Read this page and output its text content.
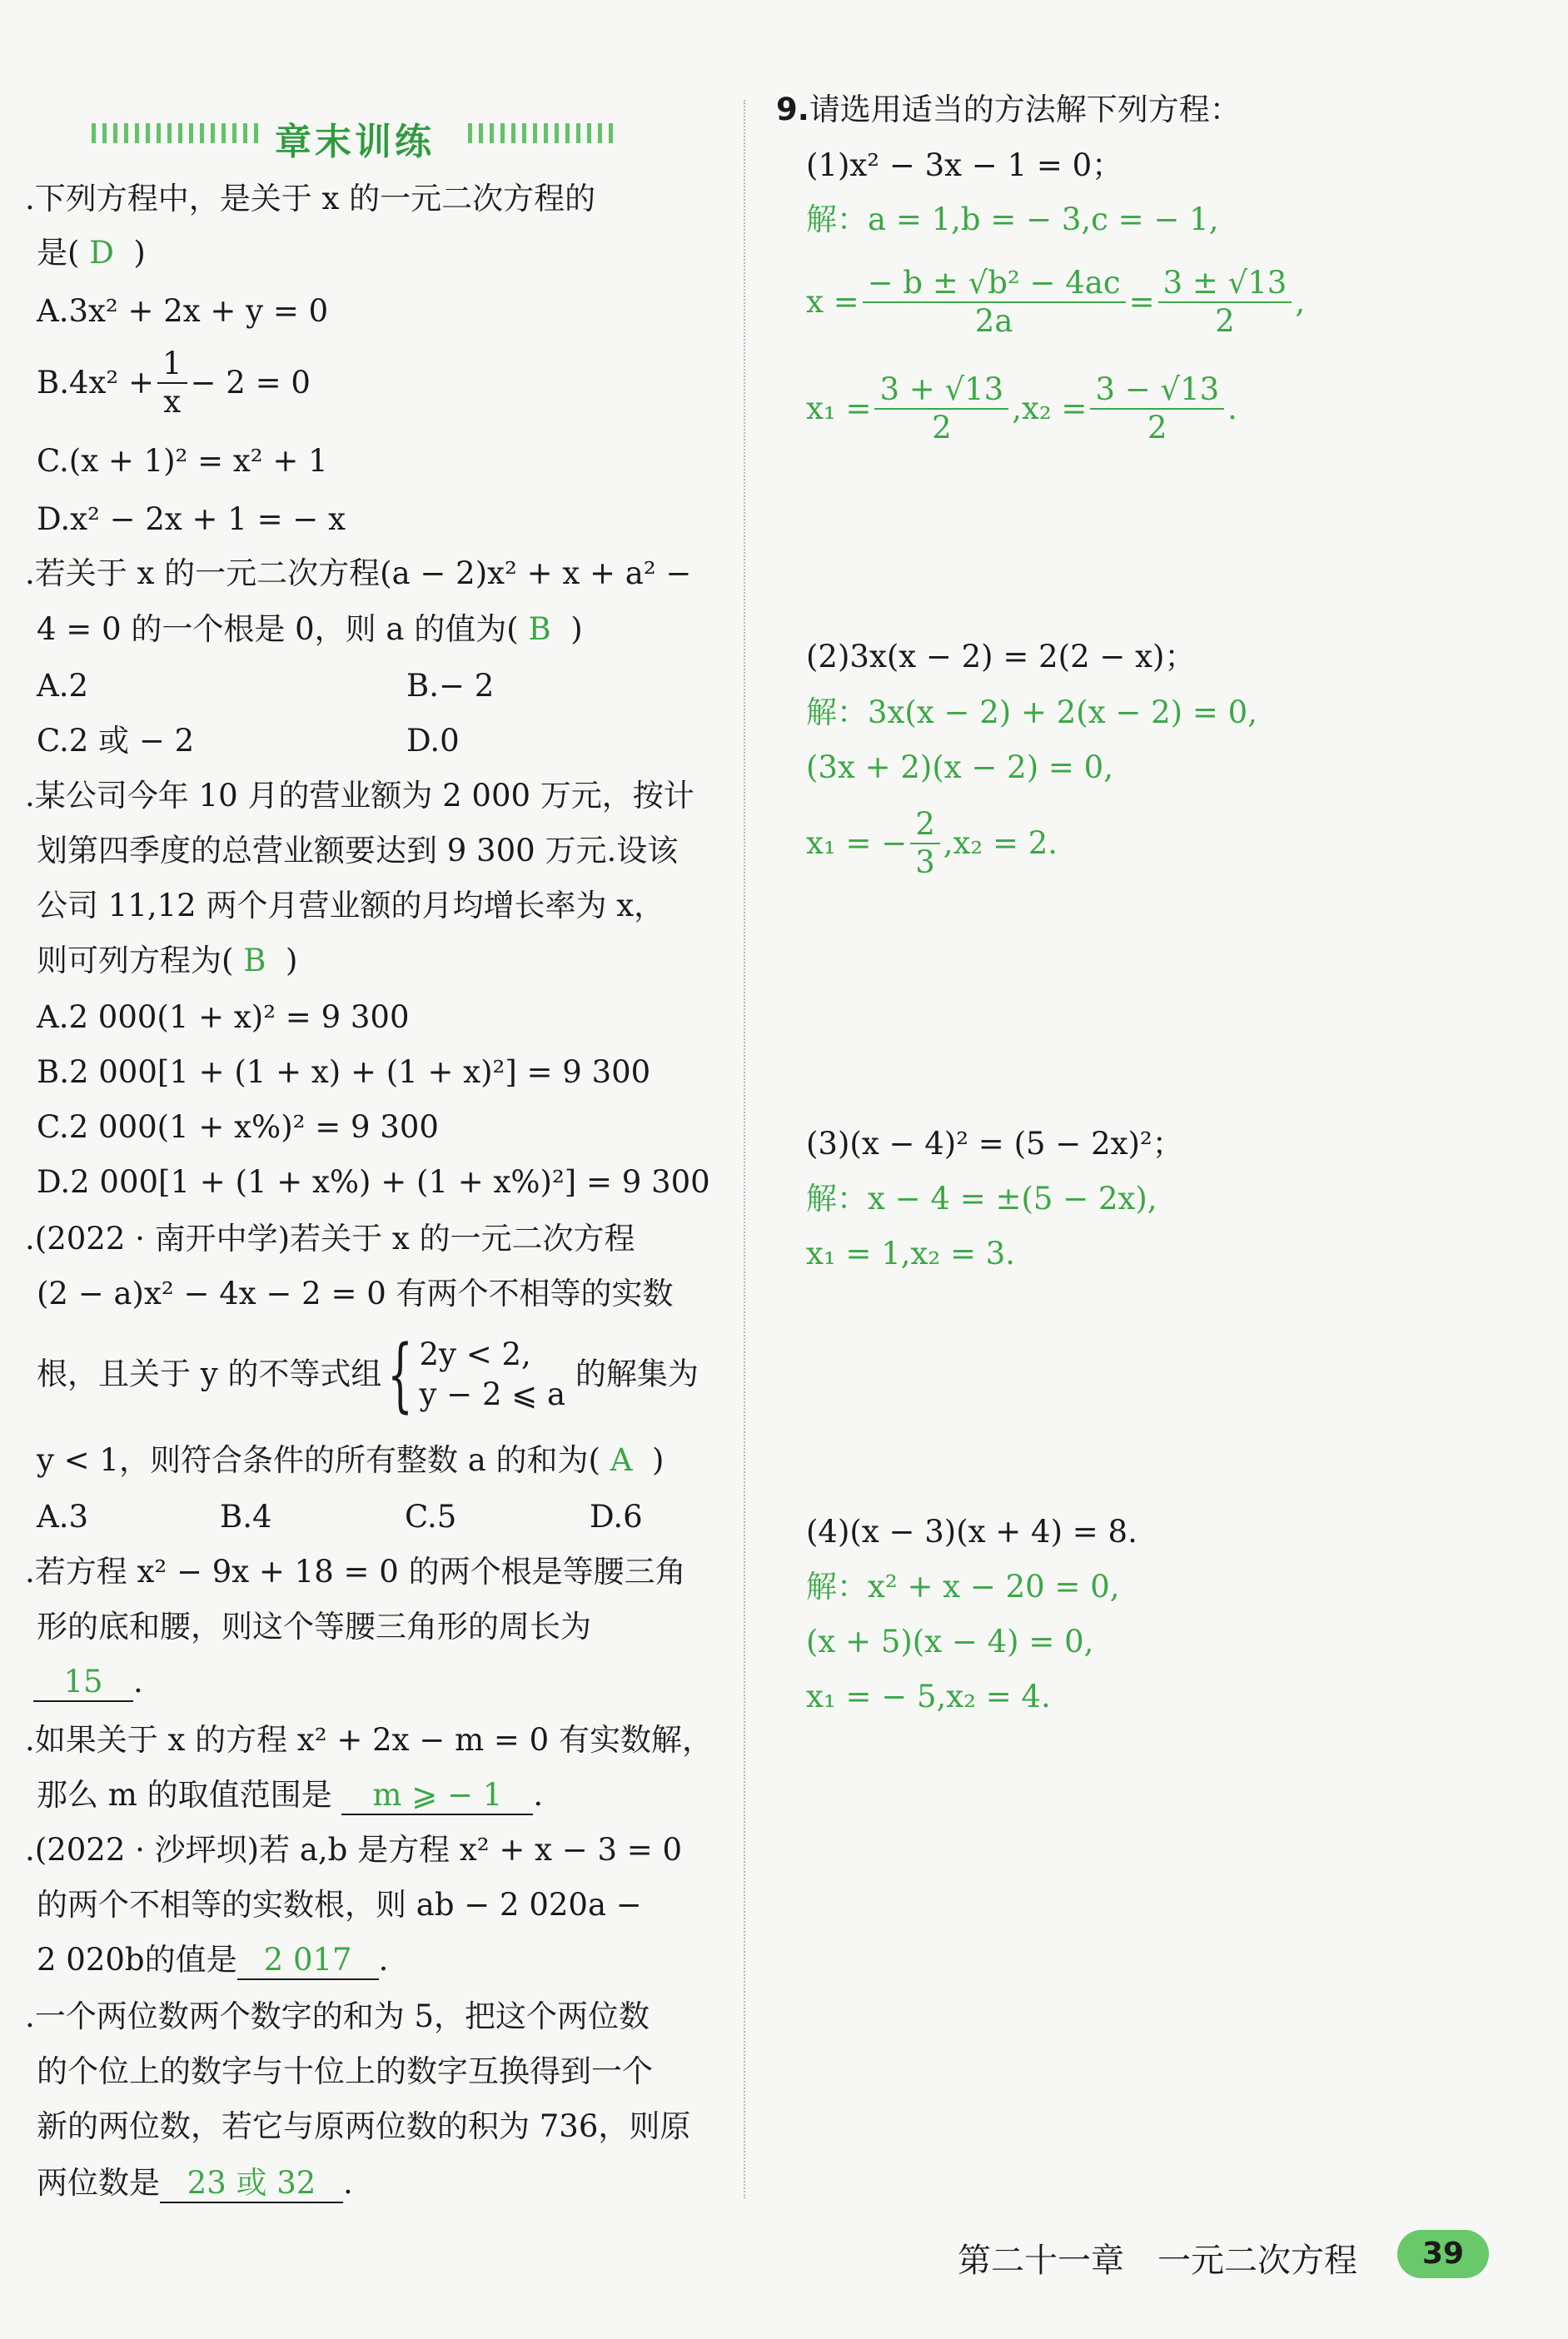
章末训练
.下列方程中，是关于 x 的一元二次方程的
是( D )
A.3x² + 2x + y = 0
$B.4x^2 + \frac{1}{x} - 2 = 0$
C.(x + 1)² = x² + 1
D.x² − 2x + 1 = − x
.若关于 x 的一元二次方程(a − 2)x² + x + a² −
4 = 0 的一个根是 0，则 a 的值为( B )
A.2	B.− 2
C.2 或 − 2	D.0
.某公司今年 10 月的营业额为 2 000 万元，按计
划第四季度的总营业额要达到 9 300 万元.设该
公司 11,12 两个月营业额的月均增长率为 x，
则可列方程为( B )
A.2 000(1 + x)² = 9 300
B.2 000[1 + (1 + x) + (1 + x)²] = 9 300
C.2 000(1 + x%)² = 9 300
D.2 000[1 + (1 + x%) + (1 + x%)²] = 9 300
.(2022 · 南开中学)若关于 x 的一元二次方程
(2 − a)x² − 4x − 2 = 0 有两个不相等的实数
根，且关于 y 的不等式组{ 2y < 2,
y − 2 ⩽ a
的解集为
y < 1，则符合条件的所有整数 a 的和为( A )
A.3	B.4	C.5	D.6
.若方程 x² − 9x + 18 = 0 的两个根是等腰三角
形的底和腰，则这个等腰三角形的周长为
15 .
.如果关于 x 的方程 x² + 2x − m = 0 有实数解，
那么 m 的取值范围是 m ⩾ − 1 .
.(2022 · 沙坪坝)若 a,b 是方程 x² + x − 3 = 0
的两个不相等的实数根，则 ab − 2 020a −
2 020b的值是 2 017 .
.一个两位数两个数字的和为 5，把这个两位数
的个位上的数字与十位上的数字互换得到一个
新的两位数，若它与原两位数的积为 736，则原
两位数是 23 或 32 .
9.请选用适当的方法解下列方程：
(1)x² − 3x − 1 = 0；
解：a = 1,b = − 3,c = − 1,
$x = \frac{\text{− b ± √b² − 4ac}}{2a} = \frac{3 \pm √13}{2}$ ,
$x_1 = \frac{3 + √13}{2} ,x_2 = \frac{3 - √13}{2}$ .
(2)3x(x − 2) = 2(2 − x)；
解：3x(x − 2) + 2(x − 2) = 0,
(3x + 2)(x − 2) = 0,
x₁ = − $\frac{2}{3} ,x_2 = 2$.
(3)(x − 4)² = (5 − 2x)²；
解：x − 4 = ±(5 − 2x),
x₁ = 1,x₂ = 3.
(4)(x − 3)(x + 4) = 8.
解：x² + x − 20 = 0,
(x + 5)(x − 4) = 0,
x₁ = − 5,x₂ = 4.
第二十一章　一元二次方程	39
